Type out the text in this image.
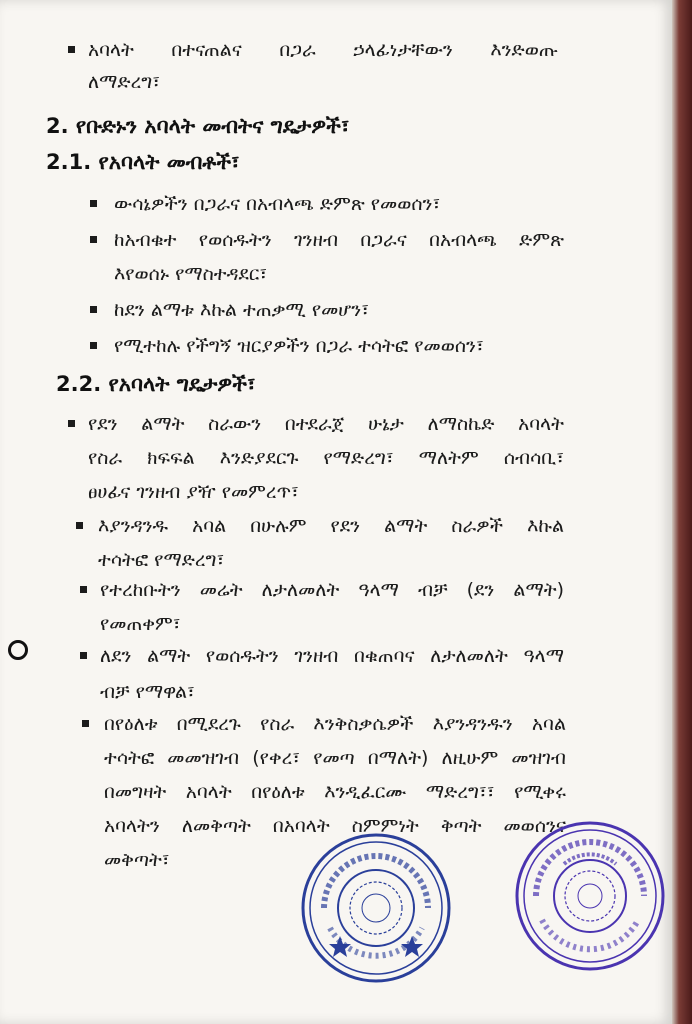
አባላት በተናጠልና በጋራ ኃላፊነታቸውን እንድወጡ
ለማድረግ፣
2. የቡድኑን አባላት መብትና ግዴታዎች፣
2.1. የአባላት መብቶች፣
ውሳኔዎችን በጋራና በአብላጫ ድምጽ የመወሰን፣
ከአብቁተ የወሰዱትን ገንዘብ በጋራና በአብላጫ ድምጽ
እየወሰኑ የማስተዳደር፣
ከደን ልማቱ እኩል ተጠቃሚ የመሆን፣
የሚተከሉ የችግኝ ዝርያዎችን በጋራ ተሳትፎ የመወሰን፣
2.2. የአባላት ግዴታዎች፣
የደን ልማት ስራውን በተደራጀ ሁኔታ ለማስኬድ አባላት
የስራ ክፍፍል እንድያደርጉ የማድረግ፣ ማለትም ሰብሳቢ፣
ፀሀፊና ገንዘብ ያዥ የመምረጥ፣
እያንዳንዱ አባል በሁሉም የደን ልማት ስራዎች እኩል
ተሳትፎ የማድረግ፣
የተረከቡትን መሬት ለታለመለት ዓላማ ብቻ (ደን ልማት)
የመጠቀም፣
ለደን ልማት የወሰዱትን ገንዘብ በቁጠባና ለታለመለት ዓላማ
ብቻ የማዋል፣
በየዕለቱ በሚደረጉ የስራ እንቅስቃሴዎች እያንዳንዱን አባል
ተሳትፎ መመዝገብ (የቀረ፣ የመጣ በማለት) ለዚሁም መዝገብ
በመግዛት አባላት በየዕለቱ እንዲፈርሙ ማድረግ፣፣ የሚቀሩ
አባላትን ለመቅጣት በአባላት ስምምነት ቅጣት መወሰንና
መቅጣት፣
